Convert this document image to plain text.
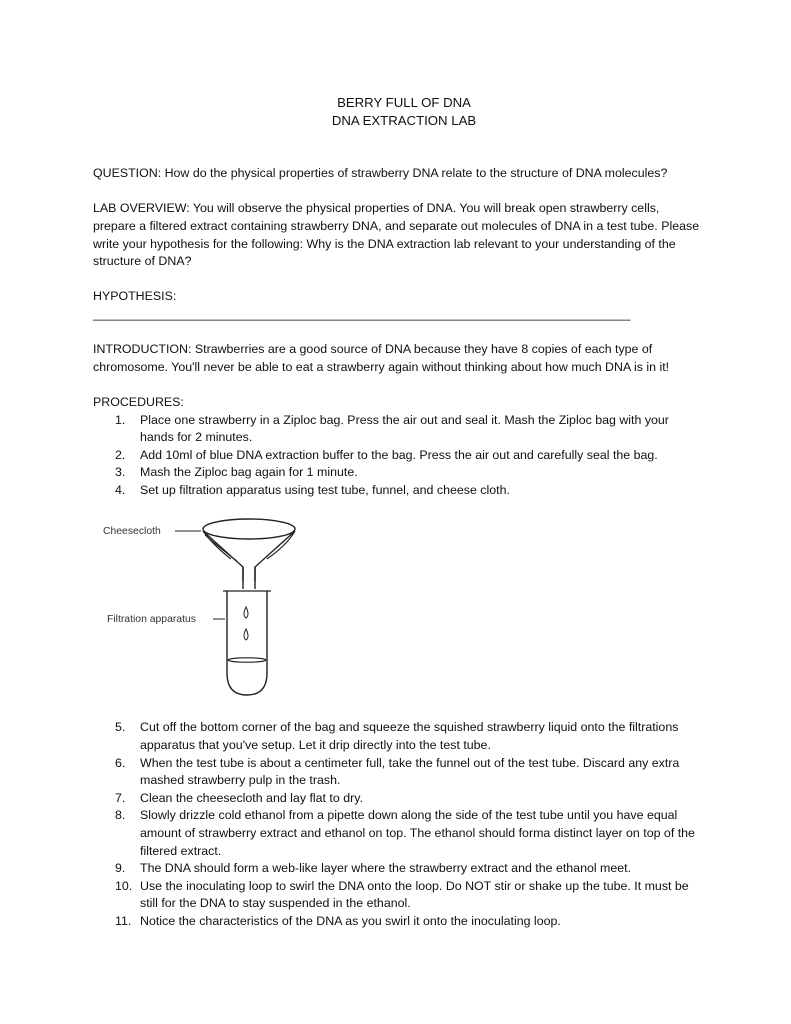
BERRY FULL OF DNA
DNA EXTRACTION LAB
QUESTION: How do the physical properties of strawberry DNA relate to the structure of DNA molecules?
LAB OVERVIEW: You will observe the physical properties of DNA. You will break open strawberry cells, prepare a filtered extract containing strawberry DNA, and separate out molecules of DNA in a test tube. Please write your hypothesis for the following: Why is the DNA extraction lab relevant to your understanding of the structure of DNA?
HYPOTHESIS: ______________________________________________________________________________
INTRODUCTION: Strawberries are a good source of DNA because they have 8 copies of each type of chromosome. You'll never be able to eat a strawberry again without thinking about how much DNA is in it!
PROCEDURES:
1.	Place one strawberry in a Ziploc bag. Press the air out and seal it. Mash the Ziploc bag with your hands for 2 minutes.
2.	Add 10ml of blue DNA extraction buffer to the bag. Press the air out and carefully seal the bag.
3.	Mash the Ziploc bag again for 1 minute.
4.	Set up filtration apparatus using test tube, funnel, and cheese cloth.
Cheesecloth
Filtration apparatus
5.	Cut off the bottom corner of the bag and squeeze the squished strawberry liquid onto the filtrations apparatus that you've setup. Let it drip directly into the test tube.
6.	When the test tube is about a centimeter full, take the funnel out of the test tube. Discard any extra mashed strawberry pulp in the trash.
7.	Clean the cheesecloth and lay flat to dry.
8.	Slowly drizzle cold ethanol from a pipette down along the side of the test tube until you have equal amount of strawberry extract and ethanol on top. The ethanol should forma distinct layer on top of the filtered extract.
9.	The DNA should form a web-like layer where the strawberry extract and the ethanol meet.
10. Use the inoculating loop to swirl the DNA onto the loop. Do NOT stir or shake up the tube. It must be still for the DNA to stay suspended in the ethanol.
11. Notice the characteristics of the DNA as you swirl it onto the inoculating loop.
